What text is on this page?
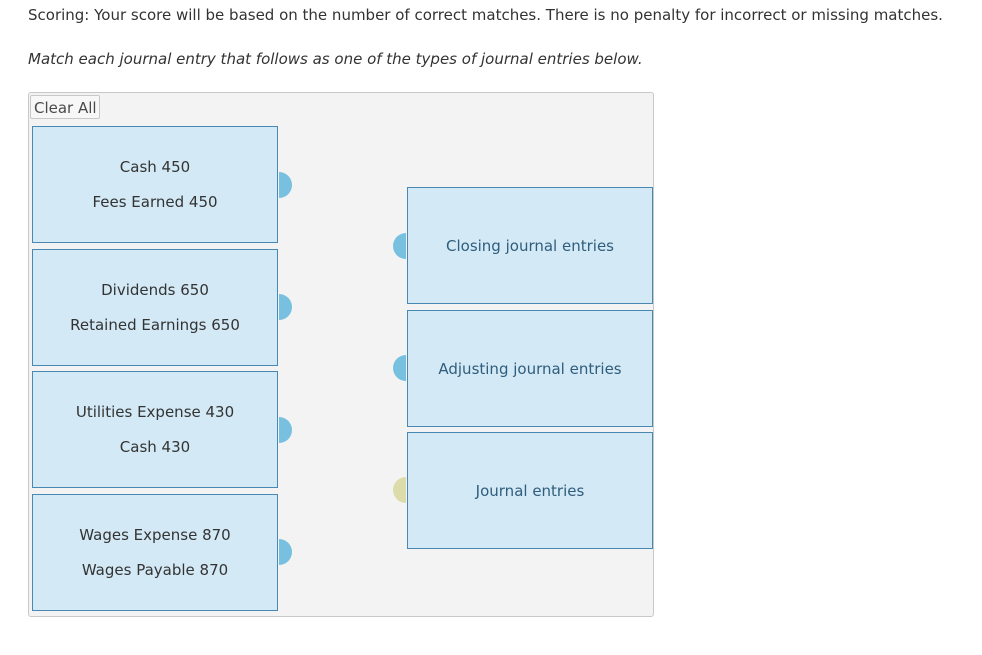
Scoring: Your score will be based on the number of correct matches. There is no penalty for incorrect or missing matches.
Match each journal entry that follows as one of the types of journal entries below.
Clear All
Cash 450
Fees Earned 450
Dividends 650
Retained Earnings 650
Utilities Expense 430
Cash 430
Wages Expense 870
Wages Payable 870
Closing journal entries
Adjusting journal entries
Journal entries
